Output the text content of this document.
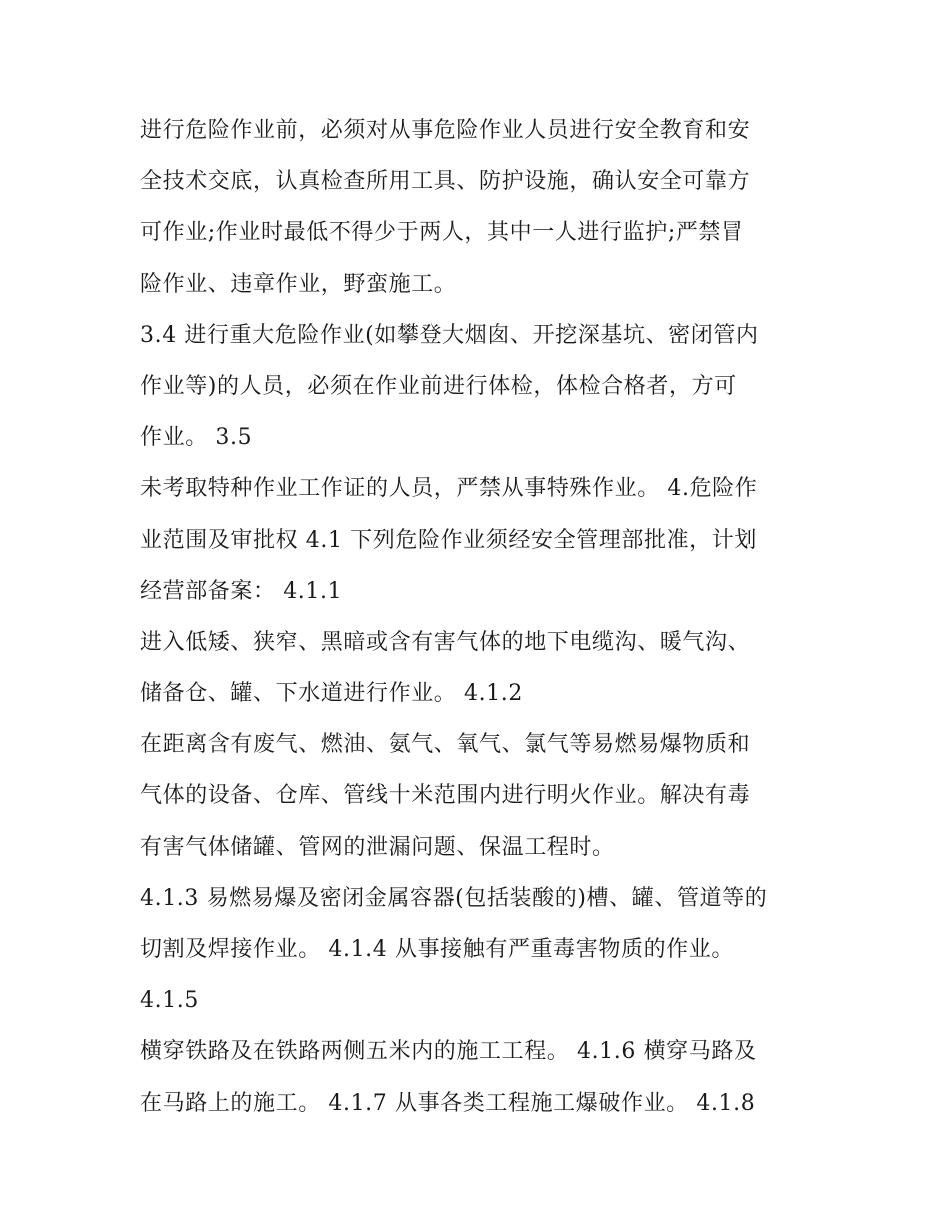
进行危险作业前，必须对从事危险作业人员进行安全教育和安
全技术交底，认真检查所用工具、防护设施，确认安全可靠方
可作业;作业时最低不得少于两人，其中一人进行监护;严禁冒
险作业、违章作业，野蛮施工。
3.4 进行重大危险作业(如攀登大烟囱、开挖深基坑、密闭管内
作业等)的人员，必须在作业前进行体检，体检合格者，方可
作业。 3.5
未考取特种作业工作证的人员，严禁从事特殊作业。 4.危险作
业范围及审批权 4.1 下列危险作业须经安全管理部批准，计划
经营部备案： 4.1.1
进入低矮、狭窄、黑暗或含有害气体的地下电缆沟、暖气沟、
储备仓、罐、下水道进行作业。 4.1.2
在距离含有废气、燃油、氨气、氧气、氯气等易燃易爆物质和
气体的设备、仓库、管线十米范围内进行明火作业。解决有毒
有害气体储罐、管网的泄漏问题、保温工程时。
4.1.3 易燃易爆及密闭金属容器(包括装酸的)槽、罐、管道等的
切割及焊接作业。 4.1.4 从事接触有严重毒害物质的作业。
4.1.5
横穿铁路及在铁路两侧五米内的施工工程。 4.1.6 横穿马路及
在马路上的施工。 4.1.7 从事各类工程施工爆破作业。 4.1.8
